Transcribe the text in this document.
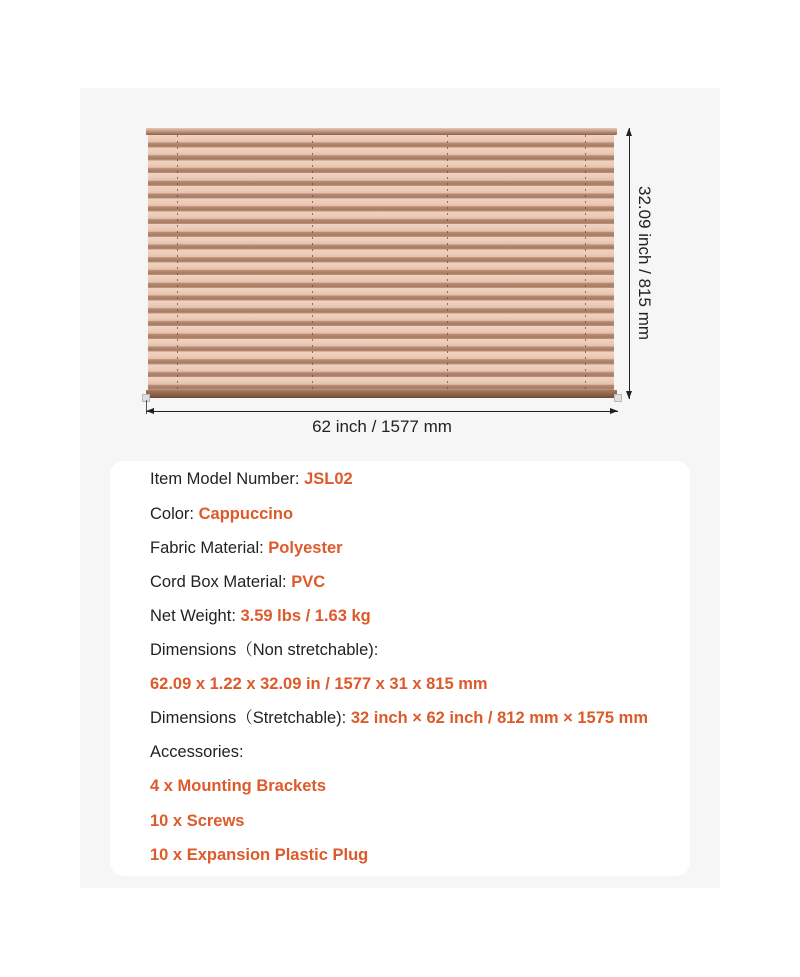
62 inch / 1577 mm
32.09 inch / 815 mm
Item Model Number: JSL02
Color: Cappuccino
Fabric Material: Polyester
Cord Box Material: PVC
Net Weight: 3.59 lbs / 1.63 kg
Dimensions（Non stretchable):
62.09 x 1.22 x 32.09 in / 1577 x 31 x 815 mm
Dimensions（Stretchable): 32 inch × 62 inch / 812 mm × 1575 mm
Accessories:
4 x Mounting Brackets
10 x Screws
10 x Expansion Plastic Plug
